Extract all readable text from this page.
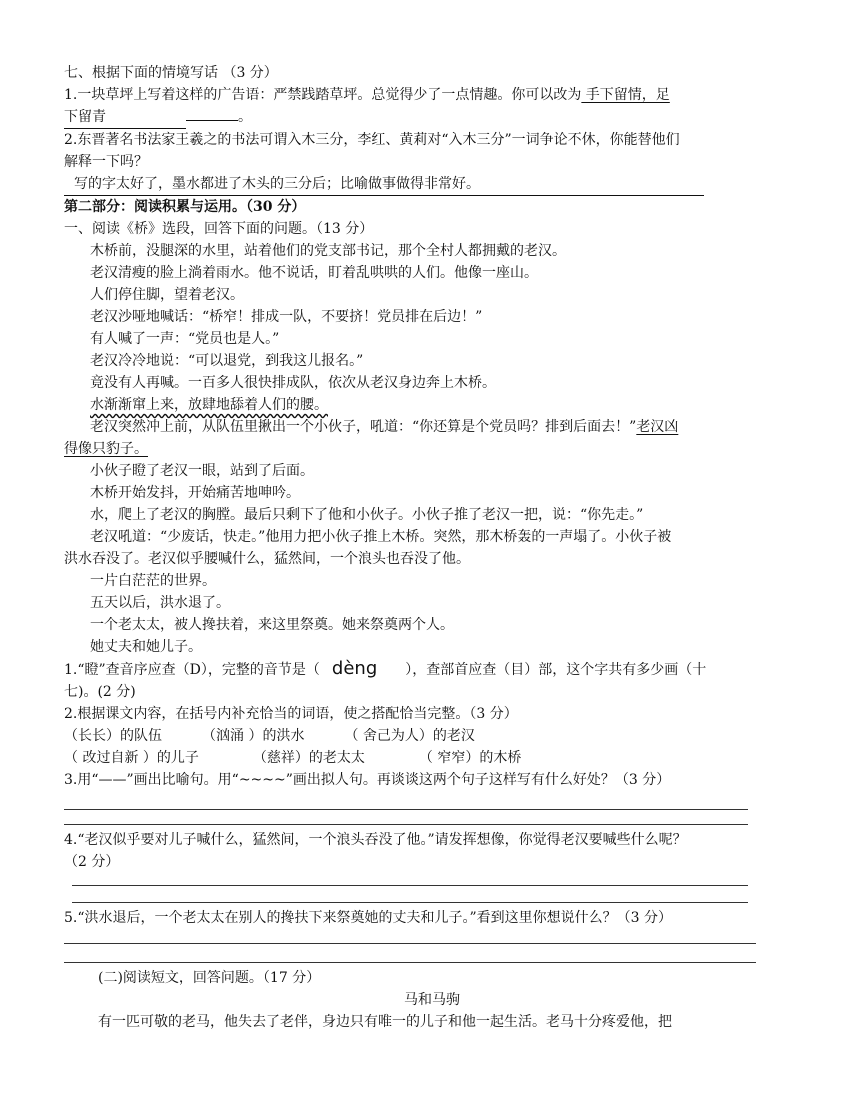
七、根据下面的情境写话 （3 分）
1.一块草坪上写着这样的广告语：严禁践踏草坪。总觉得少了一点情趣。你可以改为 手下留情，足
下留青	。
2.东晋著名书法家王羲之的书法可谓入木三分，李红、黄莉对“入木三分”一词争论不休，你能替他们
解释一下吗？
写的字太好了，墨水都进了木头的三分后；比喻做事做得非常好。
第二部分：阅读积累与运用。（30 分）
一、阅读《桥》选段，回答下面的问题。（13 分）
木桥前，没腿深的水里，站着他们的党支部书记，那个全村人都拥戴的老汉。
老汉清瘦的脸上淌着雨水。他不说话，盯着乱哄哄的人们。他像一座山。
人们停住脚，望着老汉。
老汉沙哑地喊话：“桥窄！排成一队，不要挤！党员排在后边！”
有人喊了一声：“党员也是人。”
老汉冷冷地说：“可以退党，到我这儿报名。”
竟没有人再喊。一百多人很快排成队，依次从老汉身边奔上木桥。
水渐渐窜上来，放肆地舔着人们的腰。
老汉突然冲上前，从队伍里揪出一个小伙子，吼道：“你还算是个党员吗？排到后面去！”老汉凶
得像只豹子。
小伙子瞪了老汉一眼，站到了后面。
木桥开始发抖，开始痛苦地呻吟。
水，爬上了老汉的胸膛。最后只剩下了他和小伙子。小伙子推了老汉一把，说：“你先走。”
老汉吼道：“少废话，快走。”他用力把小伙子推上木桥。突然，那木桥轰的一声塌了。小伙子被
洪水吞没了。老汉似乎腰喊什么，猛然间，一个浪头也吞没了他。
一片白茫茫的世界。
五天以后，洪水退了。
一个老太太，被人搀扶着，来这里祭奠。她来祭奠两个人。
她丈夫和她儿子。
1.“瞪”查音序应查（D），完整的音节是（ dèng ），查部首应查（目）部，这个字共有多少画（十
七)。(2 分)
2.根据课文内容，在括号内补充恰当的词语，使之搭配恰当完整。（3 分）
（长长）的队伍	（汹涌 ）的洪水	（ 舍己为人）的老汉
（ 改过自新 ）的儿子	（慈祥）的老太太	（ 窄窄）的木桥
3.用“——”画出比喻句。用“~~~~”画出拟人句。再谈谈这两个句子这样写有什么好处？（3 分）
4.“老汉似乎要对儿子喊什么，猛然间，一个浪头吞没了他。”请发挥想像，你觉得老汉要喊些什么呢？
（2 分）
5.“洪水退后，一个老太太在别人的搀扶下来祭奠她的丈夫和儿子。”看到这里你想说什么？（3 分）
(二)阅读短文，回答问题。（17 分）
马和马驹
有一匹可敬的老马，他失去了老伴，身边只有唯一的儿子和他一起生活。老马十分疼爱他，把
